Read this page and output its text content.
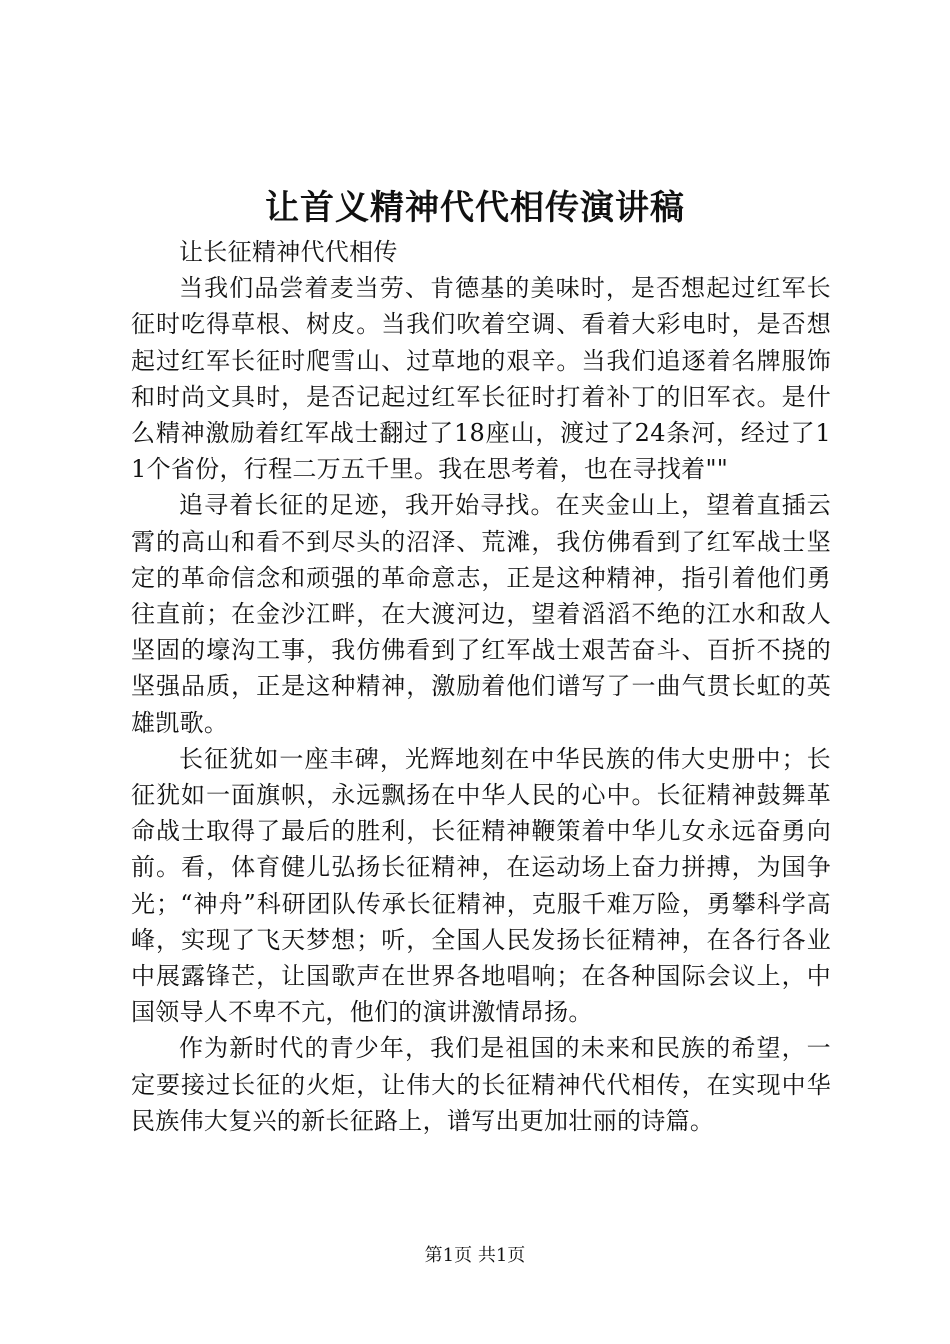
让首义精神代代相传演讲稿

让长征精神代代相传

当我们品尝着麦当劳、肯德基的美味时，是否想起过红军长征时吃得草根、树皮。当我们吹着空调、看着大彩电时，是否想起过红军长征时爬雪山、过草地的艰辛。当我们追逐着名牌服饰和时尚文具时，是否记起过红军长征时打着补丁的旧军衣。是什么精神激励着红军战士翻过了18座山，渡过了24条河，经过了11个省份，行程二万五千里。我在思考着，也在寻找着""

追寻着长征的足迹，我开始寻找。在夹金山上，望着直插云霄的高山和看不到尽头的沼泽、荒滩，我仿佛看到了红军战士坚定的革命信念和顽强的革命意志，正是这种精神，指引着他们勇往直前；在金沙江畔，在大渡河边，望着滔滔不绝的江水和敌人坚固的壕沟工事，我仿佛看到了红军战士艰苦奋斗、百折不挠的坚强品质，正是这种精神，激励着他们谱写了一曲气贯长虹的英雄凯歌。

长征犹如一座丰碑，光辉地刻在中华民族的伟大史册中；长征犹如一面旗帜，永远飘扬在中华人民的心中。长征精神鼓舞革命战士取得了最后的胜利，长征精神鞭策着中华儿女永远奋勇向前。看，体育健儿弘扬长征精神，在运动场上奋力拼搏，为国争光；“神舟”科研团队传承长征精神，克服千难万险，勇攀科学高峰，实现了飞天梦想；听，全国人民发扬长征精神，在各行各业中展露锋芒，让国歌声在世界各地唱响；在各种国际会议上，中国领导人不卑不亢，他们的演讲激情昂扬。

作为新时代的青少年，我们是祖国的未来和民族的希望，一定要接过长征的火炬，让伟大的长征精神代代相传，在实现中华民族伟大复兴的新长征路上，谱写出更加壮丽的诗篇。

第1页 共1页
